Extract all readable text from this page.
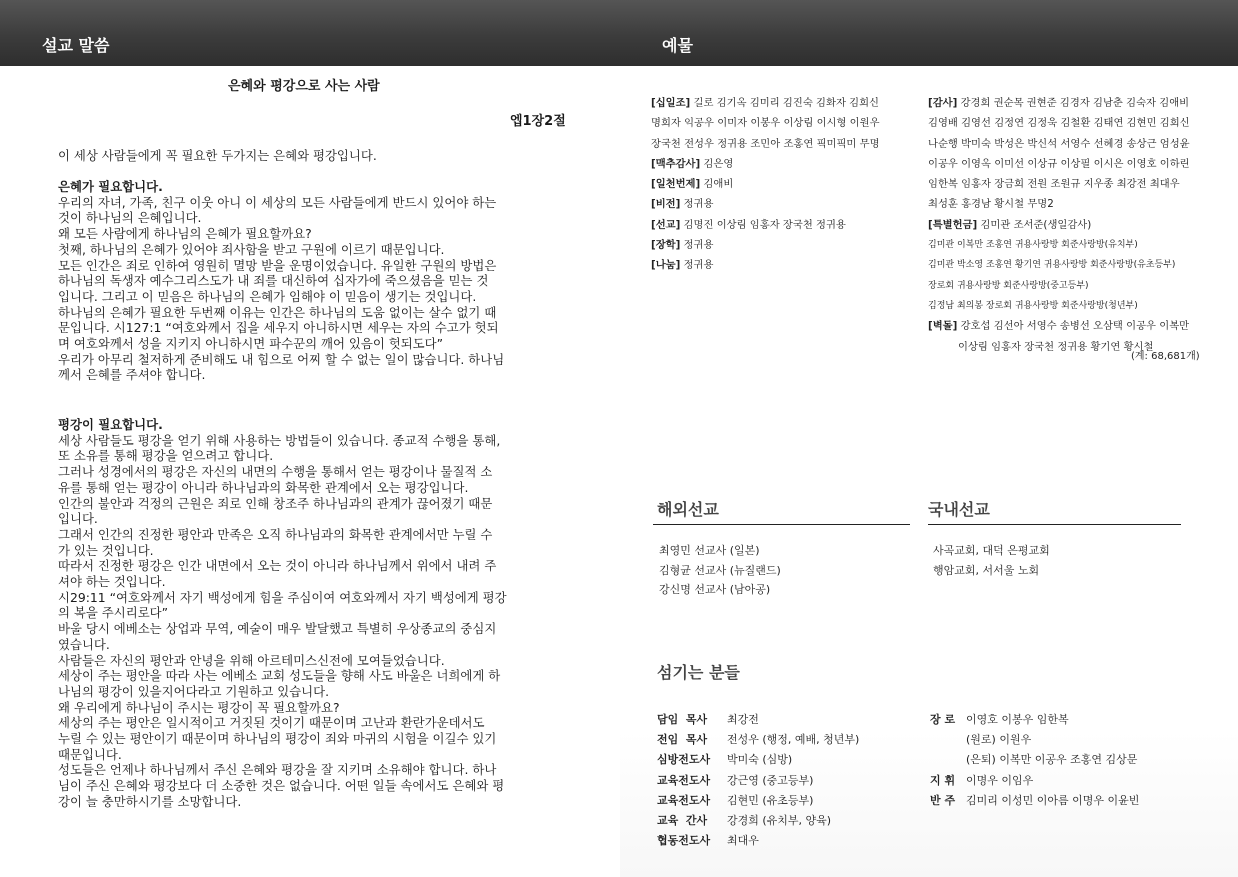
설교 말씀	예물
은혜와 평강으로 사는 사람
엡1장2절
이 세상 사람들에게 꼭 필요한 두가지는 은혜와 평강입니다.

은혜가 필요합니다.

우리의 자녀, 가족, 친구 이웃 아니 이 세상의 모든 사람들에게 반드시 있어야 하는

것이 하나님의 은혜입니다.

왜 모든 사람에게 하나님의 은혜가 필요할까요?

첫째, 하나님의 은혜가 있어야 죄사함을 받고 구원에 이르기 때문입니다.

모든 인간은 죄로 인하여 영원히 멸망 받을 운명이었습니다. 유일한 구원의 방법은

하나님의 독생자 예수그리스도가 내 죄를 대신하여 십자가에 죽으셨음을 믿는 것

입니다. 그리고 이 믿음은 하나님의 은혜가 임해야 이 믿음이 생기는 것입니다.

하나님의 은혜가 필요한 두번째 이유는 인간은 하나님의 도움 없이는 살수 없기 때

문입니다. 시127:1 “여호와께서 집을 세우지 아니하시면 세우는 자의 수고가 헛되

며 여호와께서 성을 지키지 아니하시면 파수꾼의 깨어 있음이 헛되도다”

우리가 아무리 철저하게 준비해도 내 힘으로 어찌 할 수 없는 일이 많습니다. 하나님

께서 은혜를 주셔야 합니다.

평강이 필요합니다.

세상 사람들도 평강을 얻기 위해 사용하는 방법들이 있습니다. 종교적 수행을 통해,

또 소유를 통해 평강을 얻으려고 합니다.

그러나 성경에서의 평강은 자신의 내면의 수행을 통해서 얻는 평강이나 물질적 소

유를 통해 얻는 평강이 아니라 하나님과의 화목한 관계에서 오는 평강입니다.

인간의 불안과 걱정의 근원은 죄로 인해 창조주 하나님과의 관계가 끊어졌기 때문

입니다.

그래서 인간의 진정한 평안과 만족은 오직 하나님과의 화목한 관계에서만 누릴 수

가 있는 것입니다.

따라서 진정한 평강은 인간 내면에서 오는 것이 아니라 하나님께서 위에서 내려 주

셔야 하는 것입니다.

시29:11 “여호와께서 자기 백성에게 힘을 주심이여 여호와께서 자기 백성에게 평강

의 복을 주시리로다”

바울 당시 에베소는 상업과 무역, 예술이 매우 발달했고 특별히 우상종교의 중심지

였습니다.

사람들은 자신의 평안과 안녕을 위해 아르테미스신전에 모여들었습니다.

세상이 주는 평안을 따라 사는 에베소 교회 성도들을 향해 사도 바울은 너희에게 하

나님의 평강이 있을지어다라고 기원하고 있습니다.

왜 우리에게 하나님이 주시는 평강이 꼭 필요할까요?

세상의 주는 평안은 일시적이고 거짓된 것이기 때문이며 고난과 환란가운데서도

누릴 수 있는 평안이기 때문이며 하나님의 평강이 죄와 마귀의 시험을 이길수 있기

때문입니다.

성도들은 언제나 하나님께서 주신 은혜와 평강을 잘 지키며 소유해야 합니다. 하나

님이 주신 은혜와 평강보다 더 소중한 것은 없습니다. 어떤 일들 속에서도 은혜와 평

강이 늘 충만하시기를 소망합니다.

[십일조] 길로 김기옥 김미리 김진숙 김화자 김희신
명희자 익공우 이미자 이봉우 이상림 이시형 이원우
장국천 전성우 정귀용 조민아 조홍연 픽미픽미 무명
[맥추감사] 김은영
[일천번제] 김애비
[비전] 정귀용
[선교] 김명진 이상림 임홍자 장국천 정귀용
[장학] 정귀용
[나눔] 정귀용
[감사] 강경희 권순목 권현준 김경자 김남춘 김숙자 김애비
김영배 김영선 김정연 김정욱 김철환 김태연 김현민 김희신
나순행 박미숙 박성은 박신석 서영수 선혜경 송상근 엄성윤
이공우 이영옥 이미선 이상규 이상필 이시은 이영호 이하린
임한복 임홍자 장금희 전원 조원규 지우종 최강전 최대우
최성훈 홍경남 황시철 무명2
[특별헌금] 김미관 조서준(생일감사)
김미관 이복만 조홍연 귀용사랑방 회준사랑방(유치부)
김미관 박소영 조홍연 황기연 귀용사랑방 회준사랑방(유초등부)
장로회 귀용사랑방 회준사랑방(중고등부)
김정남 최의봉 장로회 귀용사랑방 회준사랑방(청년부)
[벽돌] 강호섭 김선아 서영수 송병선 오삼택 이공우 이복만
이상림 임홍자 장국천 정귀용 황기연 황시철
(계: 68,681개)
해외선교
최영민 선교사 (일본)
김형균 선교사 (뉴질랜드)
강신명 선교사 (남아공)
국내선교
사곡교회, 대덕 은평교회
행암교회, 서서울 노회
섬기는 분들
담임  목사 최강전
전임  목사 전성우 (행정, 예배, 청년부)
심방전도사 박미숙 (심방)
교육전도사 강근영 (중고등부)
교육전도사 김현민 (유초등부)
교육  간사 강경희 (유치부, 양육)
협동전도사 최대우
장 로 이영호 이봉우 임한복
(원로) 이원우
(은퇴) 이복만 이공우 조홍연 김상문
지 휘 이명우 이임우
반 주 김미리 이성민 이아름 이명우 이윤빈
